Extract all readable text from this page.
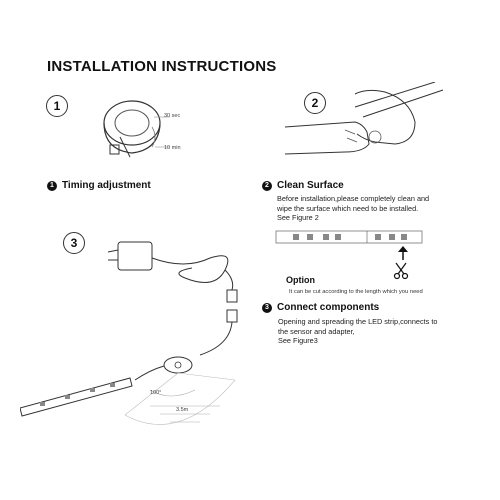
INSTALLATION INSTRUCTIONS
1
30 sec
10 min
1 Timing adjustment
2
2 Clean Surface
Before installation,please completely clean and
wipe the surface which need to be installed.
See Figure 2
Option
It can be cut according to the length which you need
3 Connect components
Opening and spreading the LED strip,connects to
the sensor and adapter,
See Figure3
3
100°
3.5m
